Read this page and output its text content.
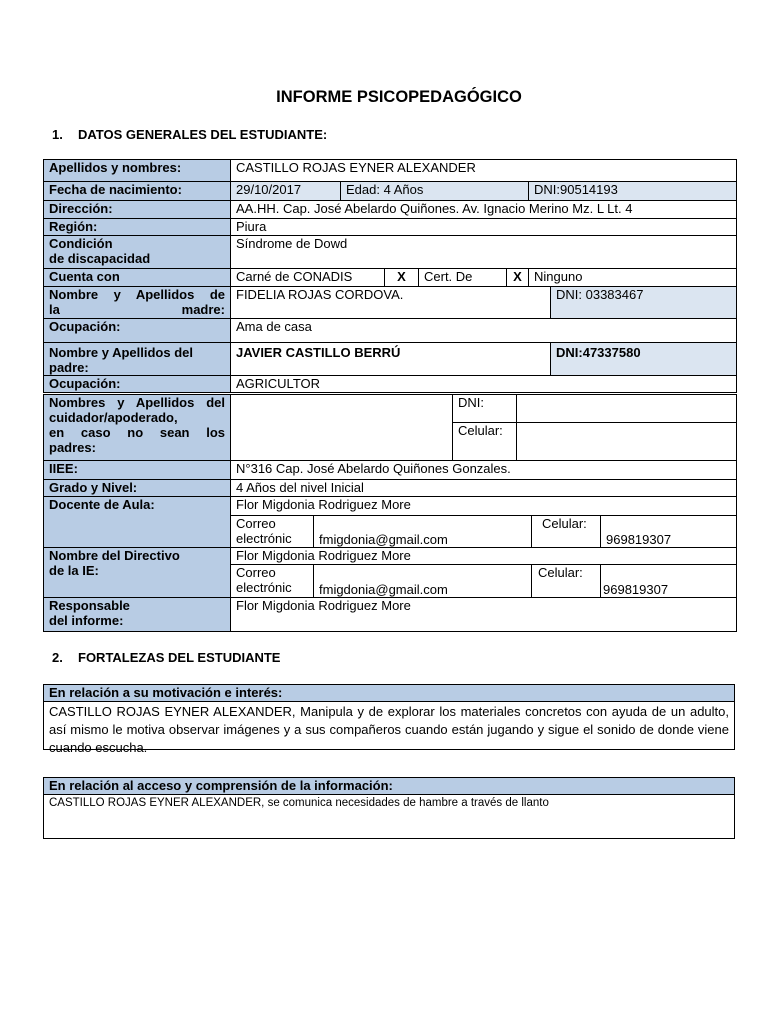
INFORME PSICOPEDAGÓGICO
1. DATOS GENERALES DEL ESTUDIANTE:
Apellidos y nombres:	CASTILLO ROJAS EYNER ALEXANDER						
Fecha de nacimiento:	29/10/2017	Edad: 4 Años				DNI:90514193	
Dirección:	AA.HH. Cap. José Abelardo Quiñones. Av. Ignacio Merino Mz. L Lt. 4						
Región:	Piura						
Condición
de discapacidad	Síndrome de Dowd						
Cuenta con	Carné de CONADIS		X	Cert. De	X	Ninguno	
Nombre y Apellidos de
la madre:	FIDELIA ROJAS CORDOVA.						DNI: 03383467
Ocupación:	Ama de casa						
Nombre y Apellidos del
padre:	JAVIER CASTILLO BERRÚ						DNI:47337580
Ocupación:	AGRICULTOR						
Nombres y Apellidos del
cuidador/apoderado,
en caso no sean los
padres:		DNI:	
		Celular:	
IIEE:	N°316 Cap. José Abelardo Quiñones Gonzales.			
Grado y Nivel:	4 Años del nivel Inicial			
Docente de Aula:	Flor Migdonia Rodriguez More			
	Correo
electrónic	fmigdonia@gmail.com	Celular:	969819307
Nombre del Directivo
de la IE:	Flor Migdonia Rodriguez More			
	Correo
electrónic	fmigdonia@gmail.com	Celular:	969819307
Responsable
del informe:	Flor Migdonia Rodriguez More			
2. FORTALEZAS DEL ESTUDIANTE
En relación a su motivación e interés:
CASTILLO ROJAS EYNER ALEXANDER, Manipula y de explorar los materiales concretos con ayuda de un adulto, así mismo le motiva observar imágenes y a sus compañeros cuando están jugando y sigue el sonido de donde viene cuando escucha.
En relación al acceso y comprensión de la información:
CASTILLO ROJAS EYNER ALEXANDER, se comunica necesidades de hambre a través de llanto
